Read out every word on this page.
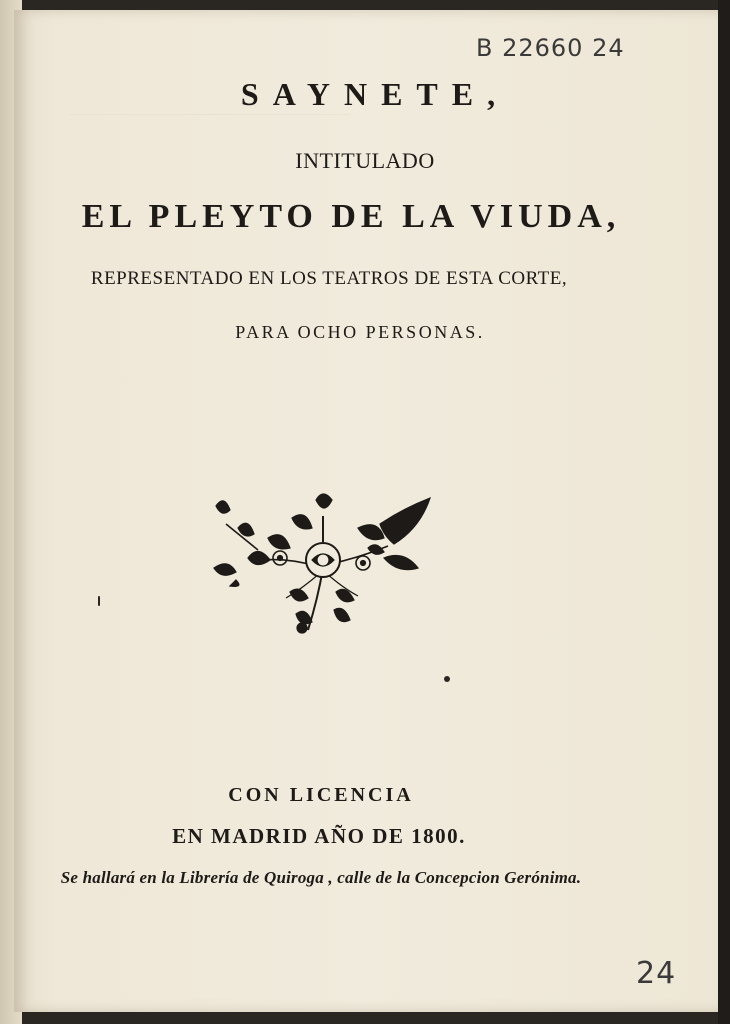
B 22660 24
SAYNETE,
INTITULADO
EL PLEYTO DE LA VIUDA,
REPRESENTADO EN LOS TEATROS DE ESTA CORTE,
PARA OCHO PERSONAS.
CON LICENCIA
EN MADRID AÑO DE 1800.
Se hallará en la Librería de Quiroga , calle de la Concepcion Gerónima.
24
